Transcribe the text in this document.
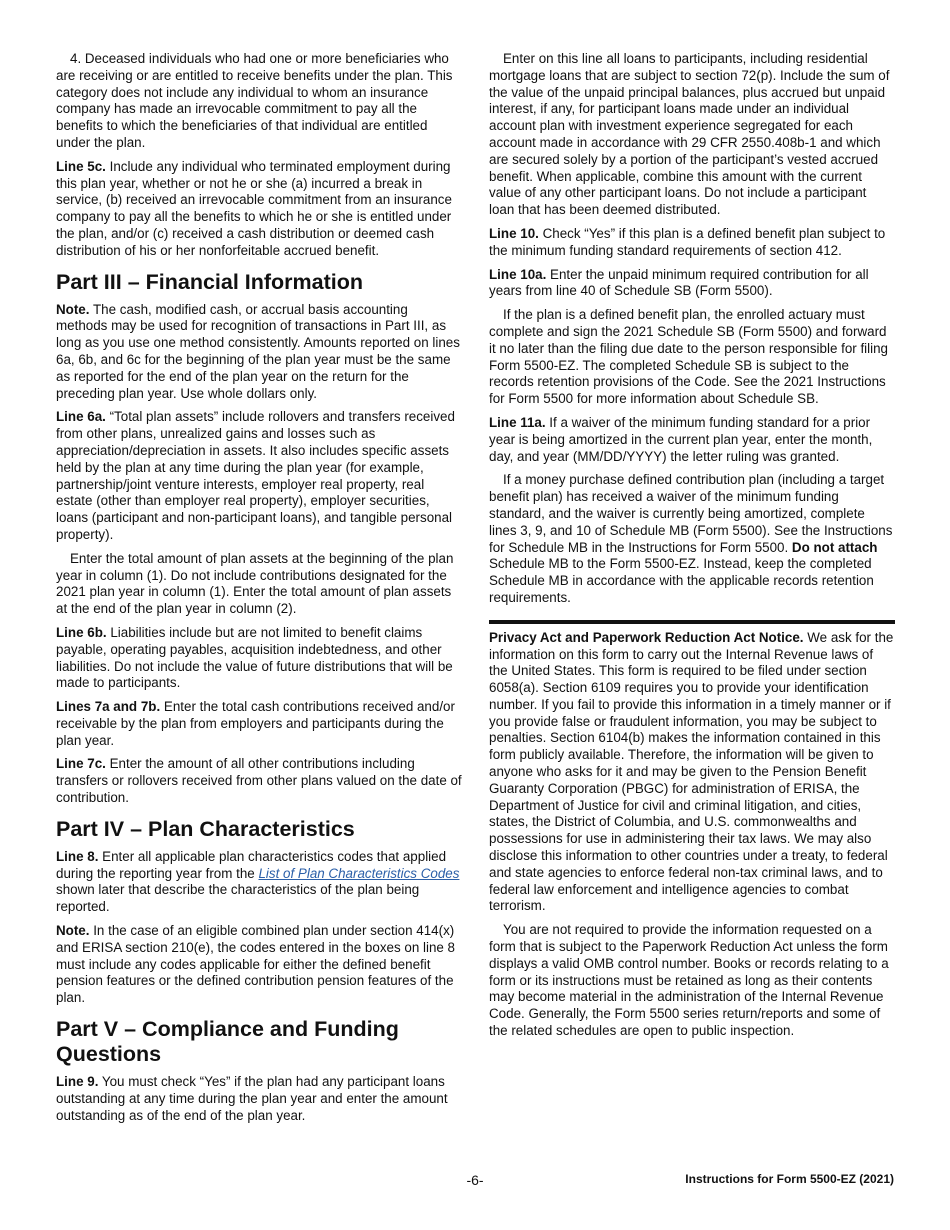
4. Deceased individuals who had one or more beneficiaries who are receiving or are entitled to receive benefits under the plan. This category does not include any individual to whom an insurance company has made an irrevocable commitment to pay all the benefits to which the beneficiaries of that individual are entitled under the plan.

Line 5c. Include any individual who terminated employment during this plan year, whether or not he or she (a) incurred a break in service, (b) received an irrevocable commitment from an insurance company to pay all the benefits to which he or she is entitled under the plan, and/or (c) received a cash distribution or deemed cash distribution of his or her nonforfeitable accrued benefit.

Part III – Financial Information

Note. The cash, modified cash, or accrual basis accounting methods may be used for recognition of transactions in Part III, as long as you use one method consistently. Amounts reported on lines 6a, 6b, and 6c for the beginning of the plan year must be the same as reported for the end of the plan year on the return for the preceding plan year. Use whole dollars only.

Line 6a. “Total plan assets” include rollovers and transfers received from other plans, unrealized gains and losses such as appreciation/depreciation in assets. It also includes specific assets held by the plan at any time during the plan year (for example, partnership/joint venture interests, employer real property, real estate (other than employer real property), employer securities, loans (participant and non-participant loans), and tangible personal property).

Enter the total amount of plan assets at the beginning of the plan year in column (1). Do not include contributions designated for the 2021 plan year in column (1). Enter the total amount of plan assets at the end of the plan year in column (2).

Line 6b. Liabilities include but are not limited to benefit claims payable, operating payables, acquisition indebtedness, and other liabilities. Do not include the value of future distributions that will be made to participants.

Lines 7a and 7b. Enter the total cash contributions received and/or receivable by the plan from employers and participants during the plan year.

Line 7c. Enter the amount of all other contributions including transfers or rollovers received from other plans valued on the date of contribution.

Part IV – Plan Characteristics

Line 8. Enter all applicable plan characteristics codes that applied during the reporting year from the List of Plan Characteristics Codes shown later that describe the characteristics of the plan being reported.

Note. In the case of an eligible combined plan under section 414(x) and ERISA section 210(e), the codes entered in the boxes on line 8 must include any codes applicable for either the defined benefit pension features or the defined contribution pension features of the plan.

Part V – Compliance and Funding Questions

Line 9. You must check “Yes” if the plan had any participant loans outstanding at any time during the plan year and enter the amount outstanding as of the end of the plan year.

Enter on this line all loans to participants, including residential mortgage loans that are subject to section 72(p). Include the sum of the value of the unpaid principal balances, plus accrued but unpaid interest, if any, for participant loans made under an individual account plan with investment experience segregated for each account made in accordance with 29 CFR 2550.408b-1 and which are secured solely by a portion of the participant’s vested accrued benefit. When applicable, combine this amount with the current value of any other participant loans. Do not include a participant loan that has been deemed distributed.

Line 10. Check “Yes” if this plan is a defined benefit plan subject to the minimum funding standard requirements of section 412.

Line 10a. Enter the unpaid minimum required contribution for all years from line 40 of Schedule SB (Form 5500).

If the plan is a defined benefit plan, the enrolled actuary must complete and sign the 2021 Schedule SB (Form 5500) and forward it no later than the filing due date to the person responsible for filing Form 5500-EZ. The completed Schedule SB is subject to the records retention provisions of the Code. See the 2021 Instructions for Form 5500 for more information about Schedule SB.

Line 11a. If a waiver of the minimum funding standard for a prior year is being amortized in the current plan year, enter the month, day, and year (MM/DD/YYYY) the letter ruling was granted.

If a money purchase defined contribution plan (including a target benefit plan) has received a waiver of the minimum funding standard, and the waiver is currently being amortized, complete lines 3, 9, and 10 of Schedule MB (Form 5500). See the Instructions for Schedule MB in the Instructions for Form 5500. Do not attach Schedule MB to the Form 5500-EZ. Instead, keep the completed Schedule MB in accordance with the applicable records retention requirements.

Privacy Act and Paperwork Reduction Act Notice. We ask for the information on this form to carry out the Internal Revenue laws of the United States. This form is required to be filed under section 6058(a). Section 6109 requires you to provide your identification number. If you fail to provide this information in a timely manner or if you provide false or fraudulent information, you may be subject to penalties. Section 6104(b) makes the information contained in this form publicly available. Therefore, the information will be given to anyone who asks for it and may be given to the Pension Benefit Guaranty Corporation (PBGC) for administration of ERISA, the Department of Justice for civil and criminal litigation, and cities, states, the District of Columbia, and U.S. commonwealths and possessions for use in administering their tax laws. We may also disclose this information to other countries under a treaty, to federal and state agencies to enforce federal non-tax criminal laws, and to federal law enforcement and intelligence agencies to combat terrorism.

You are not required to provide the information requested on a form that is subject to the Paperwork Reduction Act unless the form displays a valid OMB control number. Books or records relating to a form or its instructions must be retained as long as their contents may become material in the administration of the Internal Revenue Code. Generally, the Form 5500 series return/reports and some of the related schedules are open to public inspection.

-6-	Instructions for Form 5500-EZ (2021)
